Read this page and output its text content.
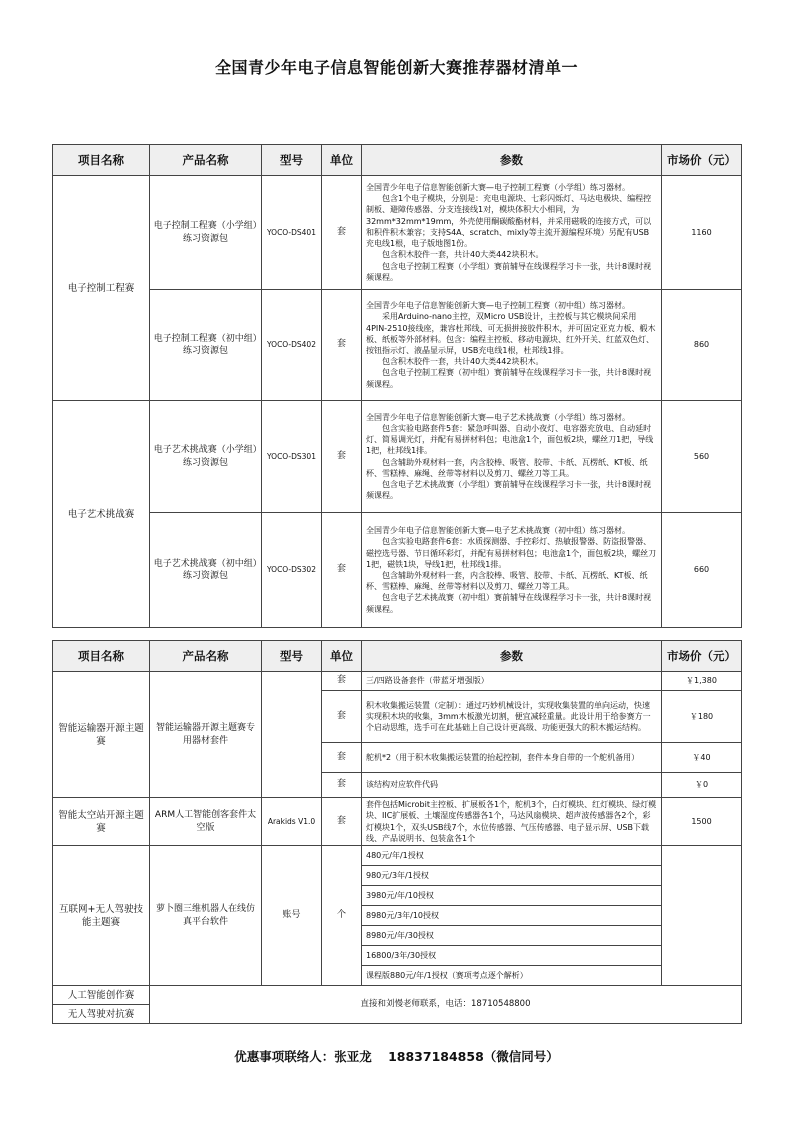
全国青少年电子信息智能创新大赛推荐器材清单一
项目名称	产品名称	型号	单位	参数	市场价（元）
电子控制工程赛	电子控制工程赛（小学组）练习资源包	YOCO-DS401	套	全国青少年电子信息智能创新大赛—电子控制工程赛（小学组）练习器材。
包含1个电子模块，分别是：充电电源块、七彩闪烁灯、马达电极块、编程控制板、避障传感器、分支连接线1对，模块体积大小相同，为32mm*32mm*19mm，外壳使用酮碳酸酯材料，并采用磁吸的连接方式，可以和积件积木兼容；支持S4A、scratch、mixly等主流开源编程环境）另配有USB充电线1根，电子版地图1份。
包含积木胶件一套，共计40大类442块积木。
包含电子控制工程赛（小学组）赛前辅导在线课程学习卡一张，共计8课时视频课程。	1160
	电子控制工程赛（初中组）练习资源包	YOCO-DS402	套	全国青少年电子信息智能创新大赛—电子控制工程赛（初中组）练习器材。
采用Arduino-nano主控，双Micro USB设计，主控板与其它模块间采用4PIN-2510接线座，兼容杜邦线、可无损拼接胶件积木，并可固定亚克力板、椴木板、纸板等外部材料。包含：编程主控板、移动电源块、红外开关、红蓝双色灯、按钮指示灯、液晶显示屏，USB充电线1根，杜邦线1排。
包含积木胶件一套，共计40大类442块积木。
包含电子控制工程赛（初中组）赛前辅导在线课程学习卡一张，共计8课时视频课程。	860
电子艺术挑战赛	电子艺术挑战赛（小学组）练习资源包	YOCO-DS301	套	全国青少年电子信息智能创新大赛—电子艺术挑战赛（小学组）练习器材。
包含实验电路套件5套：紧急呼叫器、自动小夜灯、电容器充放电、自动延时灯、简易调光灯，并配有易拼材料包；电池盒1个，面包板2块，螺丝刀1把，导线1把，杜邦线1排。
包含辅助外观材料一套，内含胶棒、吸管、胶带、卡纸、瓦楞纸、KT板、纸杯、雪糕棒、麻绳、丝带等材料以及剪刀、螺丝刀等工具。
包含电子艺术挑战赛（小学组）赛前辅导在线课程学习卡一张，共计8课时视频课程。	560
	电子艺术挑战赛（初中组）练习资源包	YOCO-DS302	套	全国青少年电子信息智能创新大赛—电子艺术挑战赛（初中组）练习器材。
包含实验电路套件6套：水质探测器、手控彩灯、热敏报警器、防盗报警器、磁控选号器、节日循环彩灯，并配有易拼材料包；电池盒1个，面包板2块，螺丝刀1把，磁铁1块，导线1把，杜邦线1排。
包含辅助外观材料一套，内含胶棒、吸管、胶带、卡纸、瓦楞纸、KT板、纸杯、雪糕棒、麻绳、丝带等材料以及剪刀、螺丝刀等工具。
包含电子艺术挑战赛（初中组）赛前辅导在线课程学习卡一张，共计8课时视频课程。	660
项目名称	产品名称	型号	单位	参数	市场价（元）
智能运输器开源主题赛	智能运输器开源主题赛专用器材套件		套	三/四路设备套件（带蓝牙增强版）	￥1,380
			套	积木收集搬运装置（定制）：通过巧妙机械设计，实现收集装置的单向运动，快速实现积木块的收集，3mm木板激光切割，便宜减轻重量。此设计用于给参赛方一个启动思维，选手可在此基础上自己设计更高级、功能更强大的积木搬运结构。	￥180
			套	舵机*2（用于积木收集搬运装置的抬起控制，套件本身自带的一个舵机备用）	￥40
			套	该结构对应软件代码	￥0
智能太空站开源主题赛	ARM人工智能创客套件太空版	Arakids V1.0	套	套件包括Microbit主控板、扩展板各1个，舵机3个，白灯模块、红灯模块、绿灯模块、IIC扩展板、土壤湿度传感器各1个，马达风扇模块、超声波传感器各2个，彩灯模块1个，双头USB线7个，水位传感器、气压传感器、电子显示屏、USB下载线、产品说明书、包装盒各1个	1500
互联网+无人驾驶技能主题赛	萝卜圈三维机器人在线仿真平台软件	账号	个	480元/年/1授权	
				980元/3年/1授权	
				3980元/年/10授权	
				8980元/3年/10授权	
				8980元/年/30授权	
				16800/3年/30授权	
				课程版880元/年/1授权（赛项考点逐个解析）	
人工智能创作赛	直接和刘慢老师联系，电话：18710548800				
无人驾驶对抗赛					
优惠事项联络人：张亚龙 18837184858（微信同号）
